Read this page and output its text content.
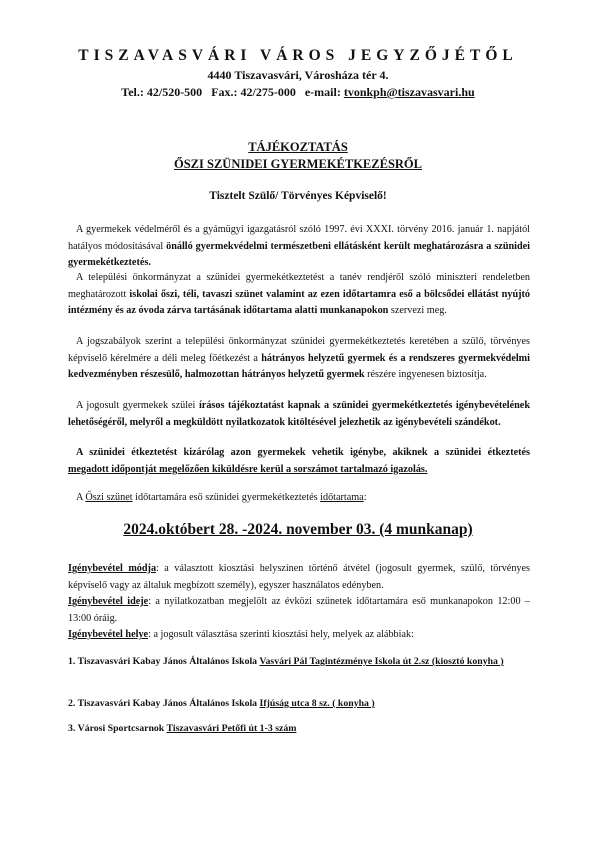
TISZAVASVÁRI VÁROS JEGYZŐJÉTŐL
4440 Tiszavasvári, Városháza tér 4.
Tel.: 42/520-500 Fax.: 42/275-000 e-mail: tvonkph@tiszavasvari.hu
TÁJÉKOZTATÁS
ŐSZI SZÜNIDEI GYERMEKÉTKEZÉSRŐL
Tisztelt Szülő/ Törvényes Képviselő!
A gyermekek védelméről és a gyámügyi igazgatásról szóló 1997. évi XXXI. törvény 2016. január 1. napjától hatályos módosításával önálló gyermekvédelmi természetbeni ellátásként került meghatározásra a szünidei gyermekétkeztetés.
A települési önkormányzat a szünidei gyermekétkeztetést a tanév rendjéről szóló miniszteri rendeletben meghatározott iskolai őszi, téli, tavaszi szünet valamint az ezen időtartamra eső a bölcsődei ellátást nyújtó intézmény és az óvoda zárva tartásának időtartama alatti munkanapokon szervezi meg.
A jogszabályok szerint a települési önkormányzat szünidei gyermekétkeztetés keretében a szülő, törvényes képviselő kérelmére a déli meleg főétkezést a hátrányos helyzetű gyermek és a rendszeres gyermekvédelmi kedvezményben részesülő, halmozottan hátrányos helyzetű gyermek részére ingyenesen biztosítja.
A jogosult gyermekek szülei írásos tájékoztatást kapnak a szünidei gyermekétkeztetés igénybevételének lehetőségéről, melyről a megküldött nyilatkozatok kitöltésével jelezhetik az igénybevételi szándékot.
A szünidei étkeztetést kizárólag azon gyermekek vehetik igénybe, akiknek a szünidei étkeztetés megadott időpontját megelőzően kiküldésre kerül a sorszámot tartalmazó igazolás.
A Őszi szünet időtartamára eső szünidei gyermekétkeztetés időtartama:
2024.októbert 28. -2024. november 03. (4 munkanap)
Igénybevétel módja: a választott kiosztási helyszínen történő átvétel (jogosult gyermek, szülő, törvényes képviselő vagy az általuk megbízott személy), egyszer használatos edényben.
Igénybevétel ideje: a nyilatkozatban megjelölt az évközi szünetek időtartamára eső munkanapokon 12:00 – 13:00 óráig.
Igénybevétel helye: a jogosult választása szerinti kiosztási hely, melyek az alábbiak:
1. Tiszavasvári Kabay János Általános Iskola Vasvári Pál Tagintézménye Iskola út 2.sz (kiosztó konyha )
2. Tiszavasvári Kabay János Általános Iskola Ifjúság utca 8 sz. ( konyha )
3. Városi Sportcsarnok Tiszavasvári Petőfi út 1-3 szám
